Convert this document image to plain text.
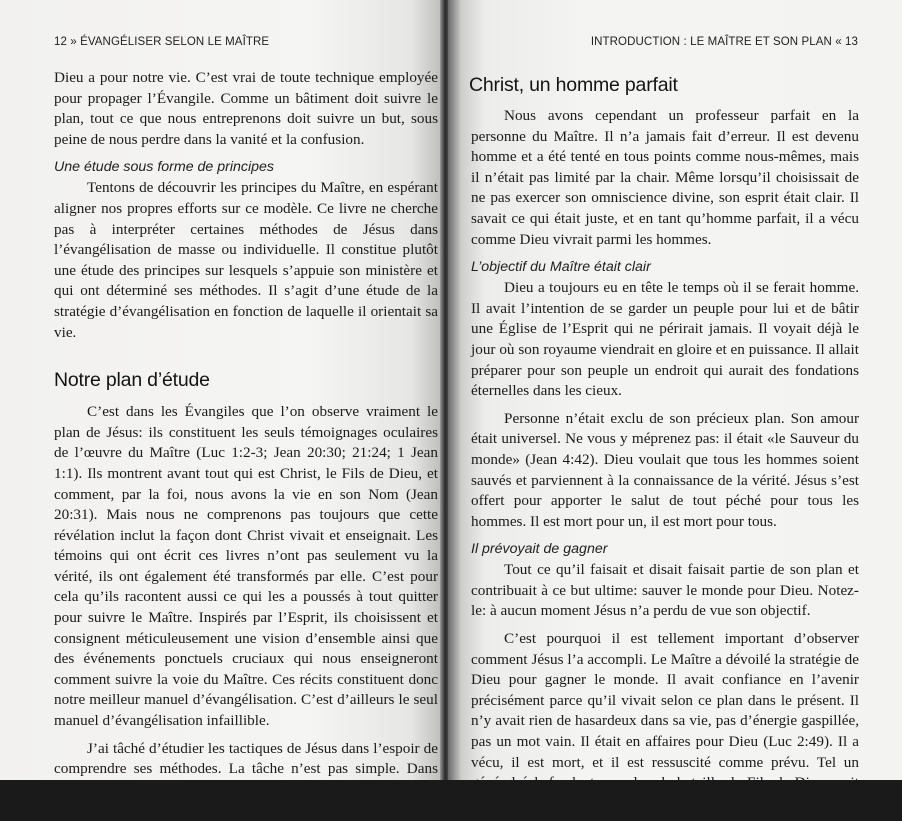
12 » ÉVANGÉLISER SELON LE MAÎTRE

Dieu a pour notre vie. C’est vrai de toute technique employée pour propager l’Évangile. Comme un bâtiment doit suivre le plan, tout ce que nous entreprenons doit suivre un but, sous peine de nous perdre dans la vanité et la confusion.

Une étude sous forme de principes

Tentons de découvrir les principes du Maître, en espérant aligner nos propres efforts sur ce modèle. Ce livre ne cherche pas à interpréter certaines méthodes de Jésus dans l’évangélisation de masse ou individuelle. Il constitue plutôt une étude des principes sur lesquels s’appuie son ministère et qui ont déterminé ses méthodes. Il s’agit d’une étude de la stratégie d’évangélisation en fonction de laquelle il orientait sa vie.

Notre plan d’étude

C’est dans les Évangiles que l’on observe vraiment le plan de Jésus: ils constituent les seuls témoignages oculaires de l’œuvre du Maître (Luc 1:2-3; Jean 20:30; 21:24; 1 Jean 1:1). Ils montrent avant tout qui est Christ, le Fils de Dieu, et comment, par la foi, nous avons la vie en son Nom (Jean 20:31). Mais nous ne comprenons pas toujours que cette révélation inclut la façon dont Christ vivait et enseignait. Les témoins qui ont écrit ces livres n’ont pas seulement vu la vérité, ils ont également été transformés par elle. C’est pour cela qu’ils racontent aussi ce qui les a poussés à tout quitter pour suivre le Maître. Inspirés par l’Esprit, ils choisissent et consignent méticuleusement une vision d’ensemble ainsi que des événements ponctuels cruciaux qui nous enseigneront comment suivre la voie du Maître. Ces récits constituent donc notre meilleur manuel d’évangélisation. C’est d’ailleurs le seul manuel d’évangélisation infaillible.

J’ai tâché d’étudier les tactiques de Jésus dans l’espoir de comprendre ses méthodes. La tâche n’est pas simple. Dans notre compréhension limitée et imparfaite, il nous reste encore beaucoup à apprendre de notre Seigneur illimité et glorieux.

INTRODUCTION : LE MAÎTRE ET SON PLAN « 13
Christ, un homme parfait

Nous avons cependant un professeur parfait en la personne du Maître. Il n’a jamais fait d’erreur. Il est devenu homme et a été tenté en tous points comme nous-mêmes, mais il n’était pas limité par la chair. Même lorsqu’il choisissait de ne pas exercer son omniscience divine, son esprit était clair. Il savait ce qui était juste, et en tant qu’homme parfait, il a vécu comme Dieu vivrait parmi les hommes.

L’objectif du Maître était clair

Dieu a toujours eu en tête le temps où il se ferait homme. Il avait l’intention de se garder un peuple pour lui et de bâtir une Église de l’Esprit qui ne périrait jamais. Il voyait déjà le jour où son royaume viendrait en gloire et en puissance. Il allait préparer pour son peuple un endroit qui aurait des fondations éternelles dans les cieux.

Personne n’était exclu de son précieux plan. Son amour était universel. Ne vous y méprenez pas: il était «le Sauveur du monde» (Jean 4:42). Dieu voulait que tous les hommes soient sauvés et parviennent à la connaissance de la vérité. Jésus s’est offert pour apporter le salut de tout péché pour tous les hommes. Il est mort pour un, il est mort pour tous.

Il prévoyait de gagner

Tout ce qu’il faisait et disait faisait partie de son plan et contribuait à ce but ultime: sauver le monde pour Dieu. Notez-le: à aucun moment Jésus n’a perdu de vue son objectif.

C’est pourquoi il est tellement important d’observer comment Jésus l’a accompli. Le Maître a dévoilé la stratégie de Dieu pour gagner le monde. Il avait confiance en l’avenir précisément parce qu’il vivait selon ce plan dans le présent. Il n’y avait rien de hasardeux dans sa vie, pas d’énergie gaspillée, pas un mot vain. Il était en affaires pour Dieu (Luc 2:49). Il a vécu, il est mort, et il est ressuscité comme prévu. Tel un général échafaudant son plan de bataille, le Fils de Dieu avait tout
